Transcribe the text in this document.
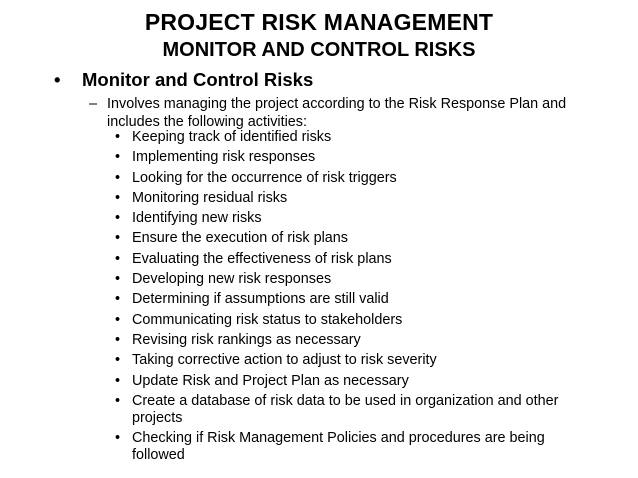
PROJECT RISK MANAGEMENT
MONITOR AND CONTROL RISKS
• Monitor and Control Risks
– Involves managing the project according to the Risk Response Plan and includes the following activities:
• Keeping track of identified risks
• Implementing risk responses
• Looking for the occurrence of risk triggers
• Monitoring residual risks
• Identifying new risks
• Ensure the execution of risk plans
• Evaluating the effectiveness of risk plans
• Developing new risk responses
• Determining if assumptions are still valid
• Communicating risk status to stakeholders
• Revising risk rankings as necessary
• Taking corrective action to adjust to risk severity
• Update Risk and Project Plan as necessary
• Create a database of risk data to be used in organization and other projects
• Checking if Risk Management Policies and procedures are being followed
